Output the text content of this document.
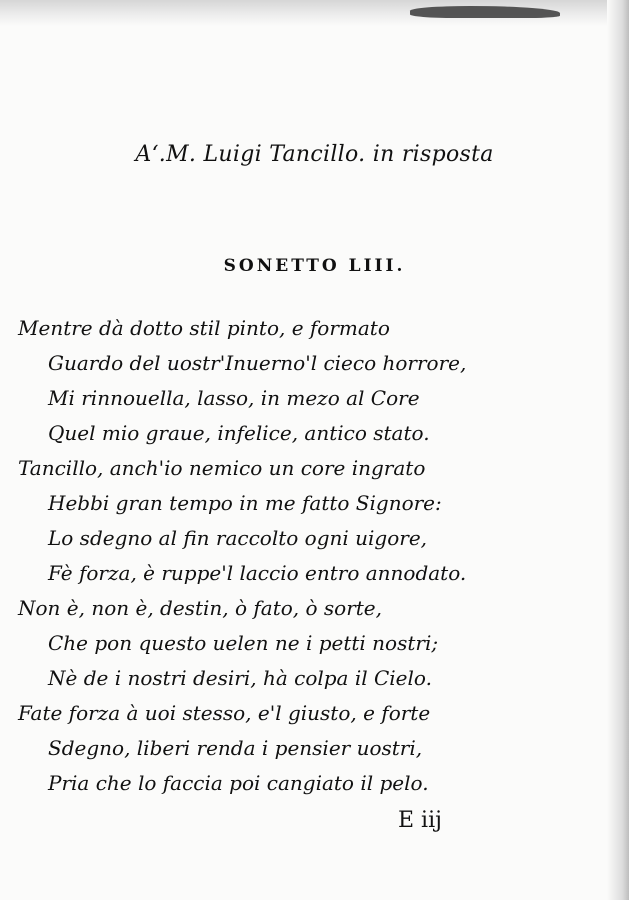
Aʻ.M. Luigi Tancillo. in risposta
SONETTO LIII.
Mentre dà dotto stil pinto, e formato
Guardo del uostr'Inuerno'l cieco horrore,
Mi rinnouella, lasso, in mezo al Core
Quel mio graue, infelice, antico stato.
Tancillo, anch'io nemico un core ingrato
Hebbi gran tempo in me fatto Signore:
Lo sdegno al fin raccolto ogni uigore,
Fè forza, è ruppe'l laccio entro annodato.
Non è, non è, destin, ò fato, ò sorte,
Che pon questo uelen ne i petti nostri;
Nè de i nostri desiri, hà colpa il Cielo.
Fate forza à uoi stesso, e'l giusto, e forte
Sdegno, liberi renda i pensier uostri,
Pria che lo faccia poi cangiato il pelo.
E iij
